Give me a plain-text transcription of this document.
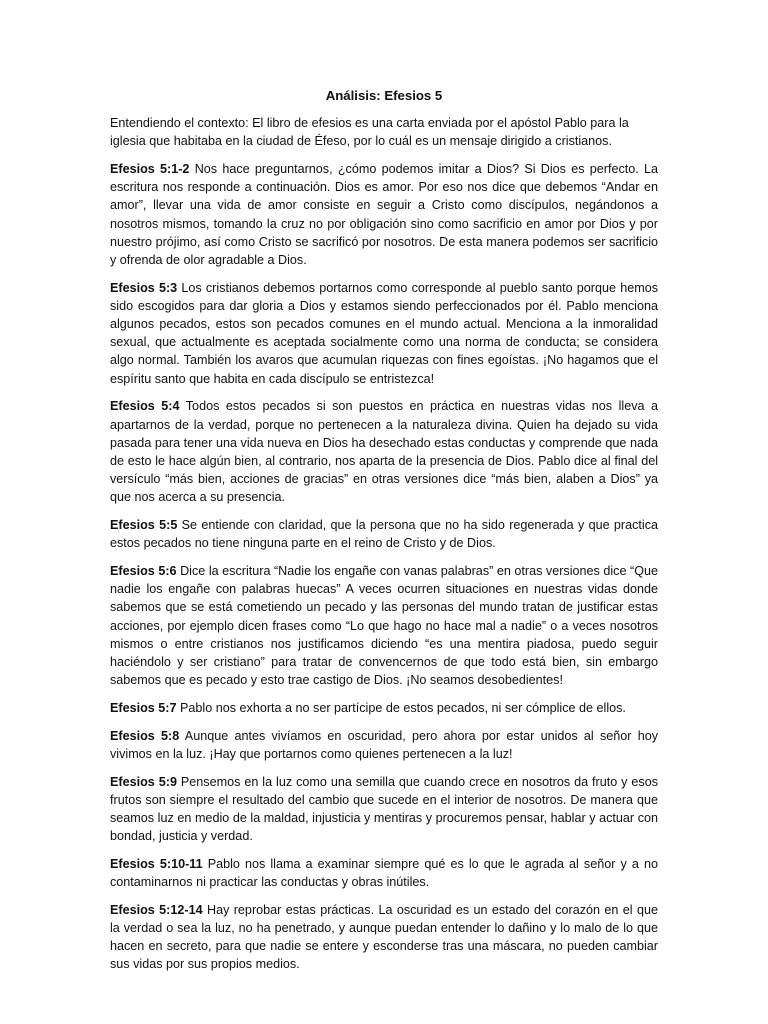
Análisis: Efesios 5

Entendiendo el contexto: El libro de efesios es una carta enviada por el apóstol Pablo para la iglesia que habitaba en la ciudad de Éfeso, por lo cuál es un mensaje dirigido a cristianos.

Efesios 5:1-2 Nos hace preguntarnos, ¿cómo podemos imitar a Dios? Si Dios es perfecto. La escritura nos responde a continuación. Dios es amor. Por eso nos dice que debemos “Andar en amor”, llevar una vida de amor consiste en seguir a Cristo como discípulos, negándonos a nosotros mismos, tomando la cruz no por obligación sino como sacrificio en amor por Dios y por nuestro prójimo, así como Cristo se sacrificó por nosotros. De esta manera podemos ser sacrificio y ofrenda de olor agradable a Dios.

Efesios 5:3 Los cristianos debemos portarnos como corresponde al pueblo santo porque hemos sido escogidos para dar gloria a Dios y estamos siendo perfeccionados por él. Pablo menciona algunos pecados, estos son pecados comunes en el mundo actual. Menciona a la inmoralidad sexual, que actualmente es aceptada socialmente como una norma de conducta; se considera algo normal. También los avaros que acumulan riquezas con fines egoístas. ¡No hagamos que el espíritu santo que habita en cada discípulo se entristezca!

Efesios 5:4 Todos estos pecados si son puestos en práctica en nuestras vidas nos lleva a apartarnos de la verdad, porque no pertenecen a la naturaleza divina. Quien ha dejado su vida pasada para tener una vida nueva en Dios ha desechado estas conductas y comprende que nada de esto le hace algún bien, al contrario, nos aparta de la presencia de Dios. Pablo dice al final del versículo “más bien, acciones de gracias” en otras versiones dice “más bien, alaben a Dios” ya que nos acerca a su presencia.

Efesios 5:5 Se entiende con claridad, que la persona que no ha sido regenerada y que practica estos pecados no tiene ninguna parte en el reino de Cristo y de Dios.

Efesios 5:6 Dice la escritura “Nadie los engañe con vanas palabras” en otras versiones dice “Que nadie los engañe con palabras huecas” A veces ocurren situaciones en nuestras vidas donde sabemos que se está cometiendo un pecado y las personas del mundo tratan de justificar estas acciones, por ejemplo dicen frases como “Lo que hago no hace mal a nadie” o a veces nosotros mismos o entre cristianos nos justificamos diciendo “es una mentira piadosa, puedo seguir haciéndolo y ser cristiano” para tratar de convencernos de que todo está bien, sin embargo sabemos que es pecado y esto trae castigo de Dios. ¡No seamos desobedientes!

Efesios 5:7 Pablo nos exhorta a no ser partícipe de estos pecados, ni ser cómplice de ellos.

Efesios 5:8 Aunque antes vivíamos en oscuridad, pero ahora por estar unidos al señor hoy vivimos en la luz. ¡Hay que portarnos como quienes pertenecen a la luz!

Efesios 5:9 Pensemos en la luz como una semilla que cuando crece en nosotros da fruto y esos frutos son siempre el resultado del cambio que sucede en el interior de nosotros. De manera que seamos luz en medio de la maldad, injusticia y mentiras y procuremos pensar, hablar y actuar con bondad, justicia y verdad.

Efesios 5:10-11 Pablo nos llama a examinar siempre qué es lo que le agrada al señor y a no contaminarnos ni practicar las conductas y obras inútiles.

Efesios 5:12-14 Hay reprobar estas prácticas. La oscuridad es un estado del corazón en el que la verdad o sea la luz, no ha penetrado, y aunque puedan entender lo dañino y lo malo de lo que hacen en secreto, para que nadie se entere y esconderse tras una máscara, no pueden cambiar sus vidas por sus propios medios.
